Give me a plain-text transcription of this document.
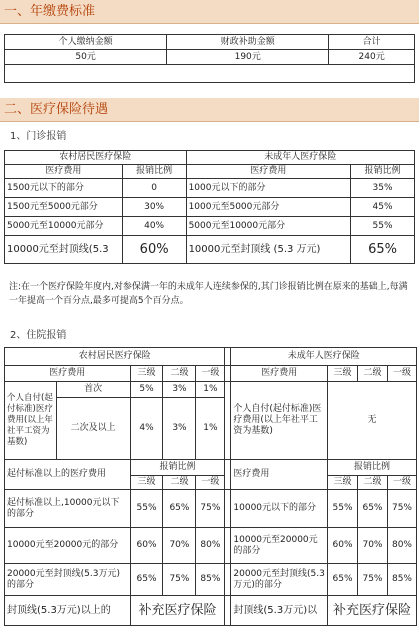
一、年缴费标准
个人缴纳金额	财政补助金额	合计
50元	190元	240元

二、医疗保险待遇
1、门诊报销
农村居民医疗保险		未成年人医疗保险	
医疗费用	报销比例	医疗费用	报销比例
1500元以下的部分	0	1000元以下的部分	35%
1500元至5000元部分	30%	1000元至5000元部分	45%
5000元至10000元部分	40%	5000元至10000元部分	55%
10000元至封顶线(5.3	60%	10000元至封顶线 (5.3 万元)	65%
注:在一个医疗保险年度内,对参保满一年的未成年人连续参保的,其门诊报销比例在原来的基础上,每满一年提高一个百分点,最多可提高5个百分点。
2、住院报销
农村居民医疗保险						未成年人医疗保险			
医疗费用		三级	二级	一级		医疗费用	三级	二级	一级
个人自付(起付标准)医疗费用(以上年社平工资为基数)	首次	5%	3%	1%		个人自付(起付标准)医疗费用(以上年社平工资为基数)	无		
	二次及以上	4%	3%	1%					
起付标准以上的医疗费用		报销比例				医疗费用	报销比例		
		三级	二级	一级			三级	二级	一级
起付标准以上,10000元以下的部分		55%	65%	75%		10000元以下的部分	55%	65%	75%
10000元至20000元的部分		60%	70%	80%		10000元至20000元的部分	60%	70%	80%
20000元至封顶线(5.3万元)的部分		65%	75%	85%		20000元至封顶线(5.3万元)的部分	65%	75%	85%
封顶线(5.3万元)以上的		补充医疗保险				封顶线(5.3万元)以	补充医疗保险		
